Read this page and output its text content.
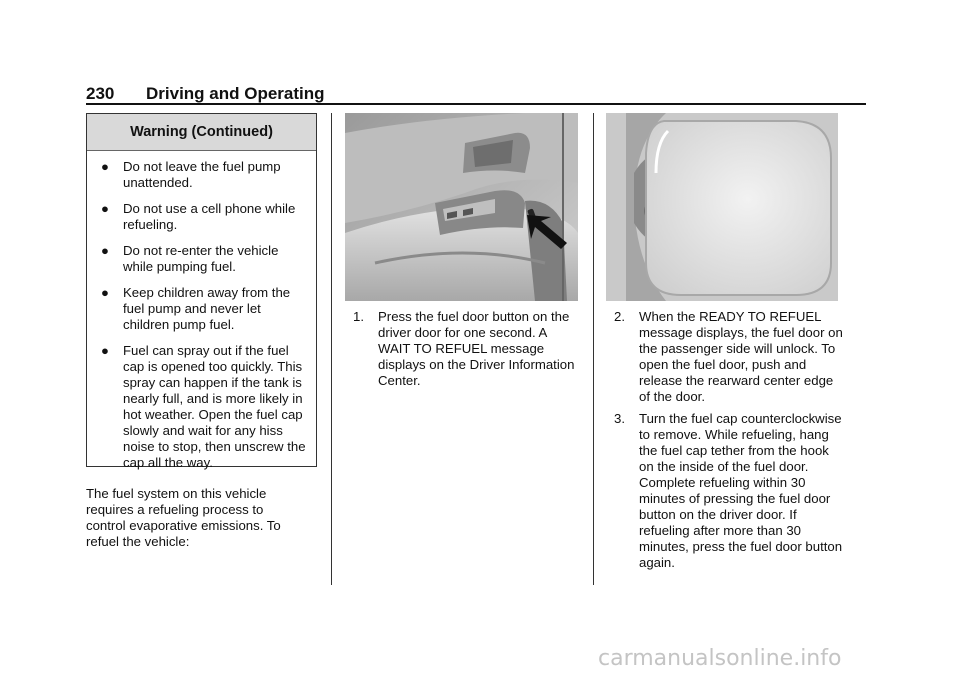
230 Driving and Operating
Warning (Continued)
● Do not leave the fuel pump unattended.
● Do not use a cell phone while refueling.
● Do not re-enter the vehicle while pumping fuel.
● Keep children away from the fuel pump and never let children pump fuel.
● Fuel can spray out if the fuel cap is opened too quickly. This spray can happen if the tank is nearly full, and is more likely in hot weather. Open the fuel cap slowly and wait for any hiss noise to stop, then unscrew the cap all the way.
The fuel system on this vehicle requires a refueling process to control evaporative emissions. To refuel the vehicle:
1.	Press the fuel door button on the driver door for one second. A WAIT TO REFUEL message displays on the Driver Information Center.
2.	When the READY TO REFUEL message displays, the fuel door on the passenger side will unlock. To open the fuel door, push and release the rearward center edge of the door.
3.	Turn the fuel cap counterclockwise to remove. While refueling, hang the fuel cap tether from the hook on the inside of the fuel door. Complete refueling within 30 minutes of pressing the fuel door button on the driver door. If refueling after more than 30 minutes, press the fuel door button again.
carmanualsonline.info
